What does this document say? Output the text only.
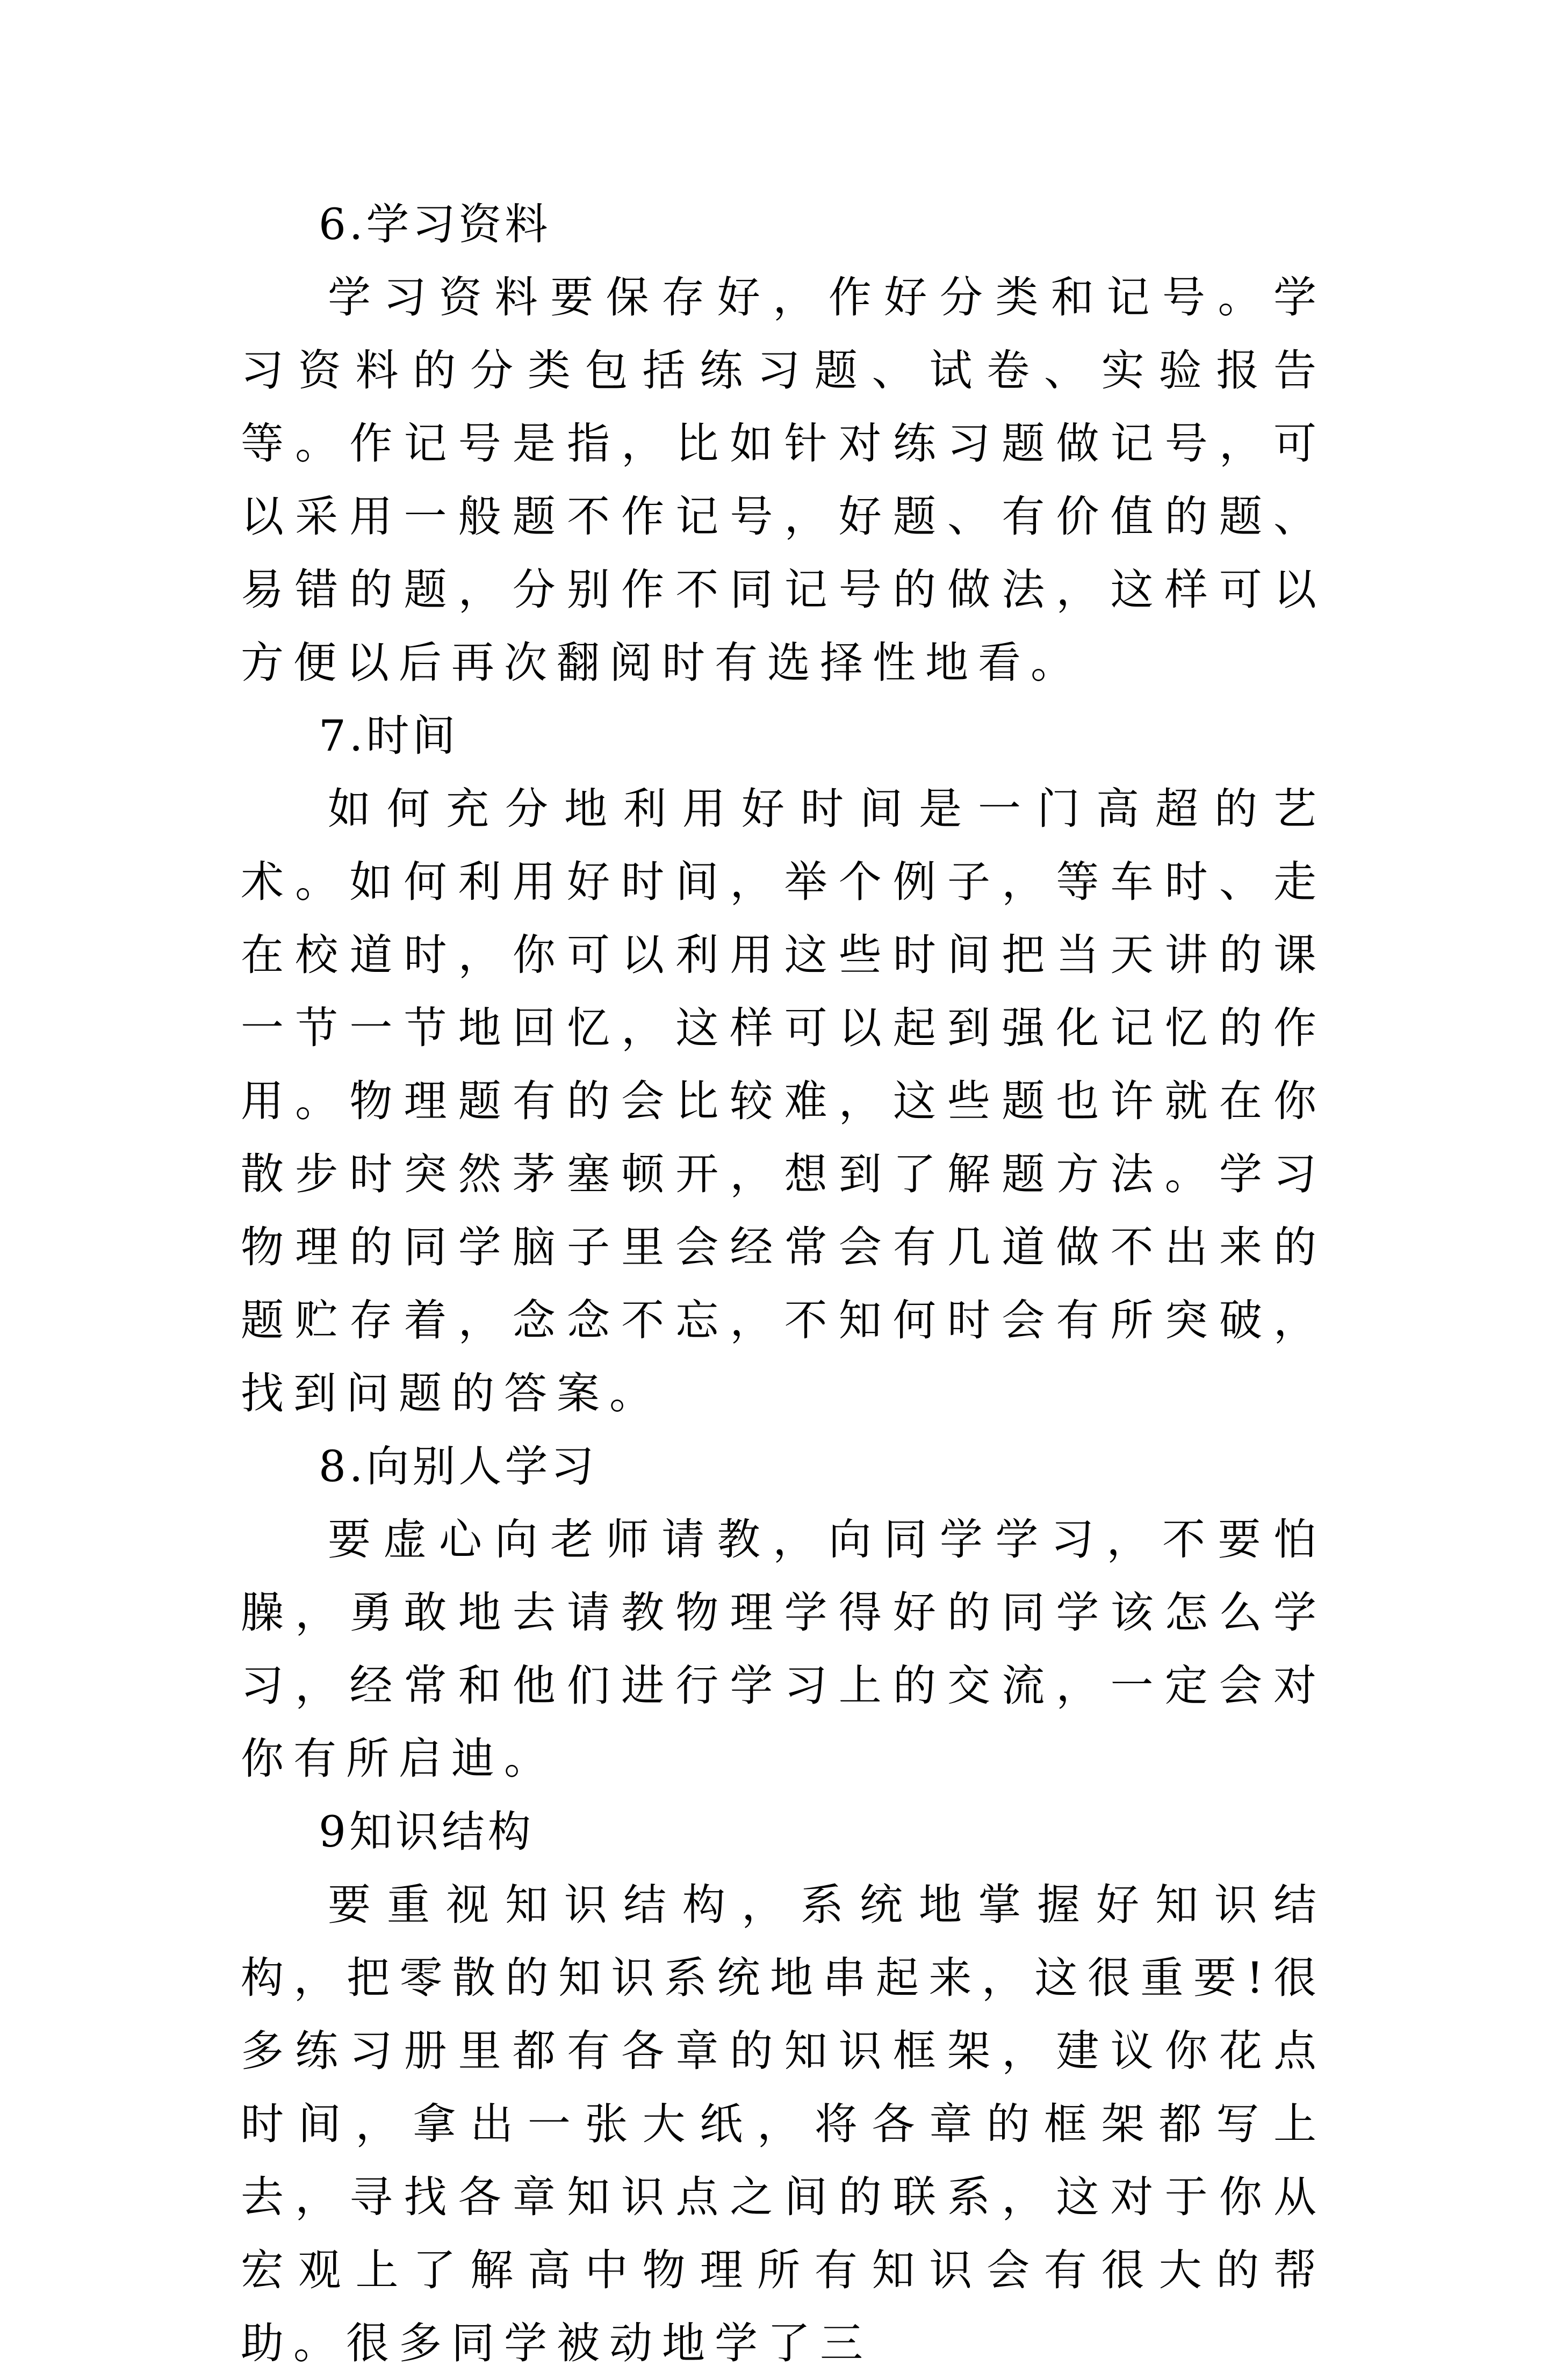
6.学习资料

学习资料要保存好，作好分类和记号。学习资料的分类包括练习题、试卷、实验报告等。作记号是指，比如针对练习题做记号，可以采用一般题不作记号，好题、有价值的题、易错的题，分别作不同记号的做法，这样可以方便以后再次翻阅时有选择性地看。

7.时间

如何充分地利用好时间是一门高超的艺术。如何利用好时间，举个例子，等车时、走在校道时，你可以利用这些时间把当天讲的课一节一节地回忆，这样可以起到强化记忆的作用。物理题有的会比较难，这些题也许就在你散步时突然茅塞顿开，想到了解题方法。学习物理的同学脑子里会经常会有几道做不出来的题贮存着，念念不忘，不知何时会有所突破，找到问题的答案。

8.向别人学习

要虚心向老师请教，向同学学习，不要怕臊，勇敢地去请教物理学得好的同学该怎么学习，经常和他们进行学习上的交流，一定会对你有所启迪。

9知识结构

要重视知识结构，系统地掌握好知识结构，把零散的知识系统地串起来，这很重要!很多练习册里都有各章的知识框架，建议你花点时间，拿出一张大纸，将各章的框架都写上去，寻找各章知识点之间的联系，这对于你从宏观上了解高中物理所有知识会有很大的帮助。很多同学被动地学了三
